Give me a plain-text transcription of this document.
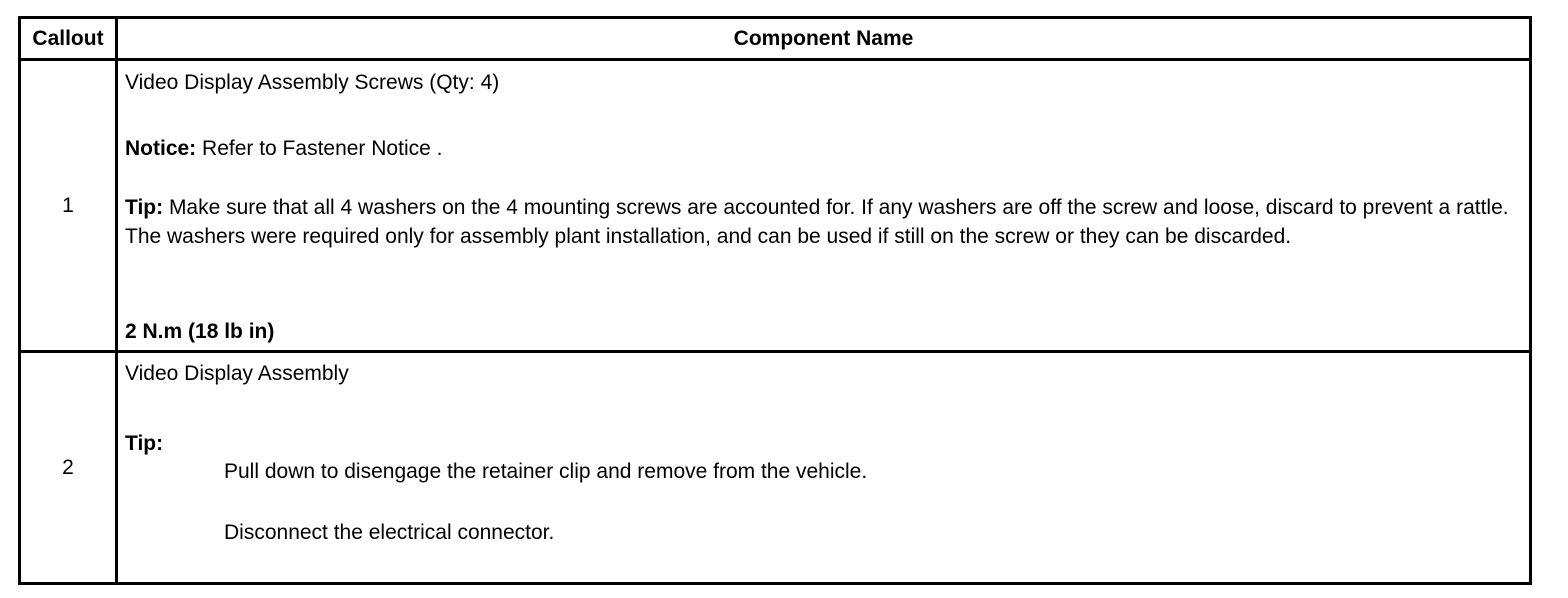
Callout	Component Name
1
Video Display Assembly Screws (Qty: 4)
Notice: Refer to Fastener Notice .
Tip: Make sure that all 4 washers on the 4 mounting screws are accounted for. If any washers are off the screw and loose, discard to prevent a rattle. The washers were required only for assembly plant installation, and can be used if still on the screw or they can be discarded.
2 N.m (18 lb in)
2
Video Display Assembly
Tip:
Pull down to disengage the retainer clip and remove from the vehicle.
Disconnect the electrical connector.
